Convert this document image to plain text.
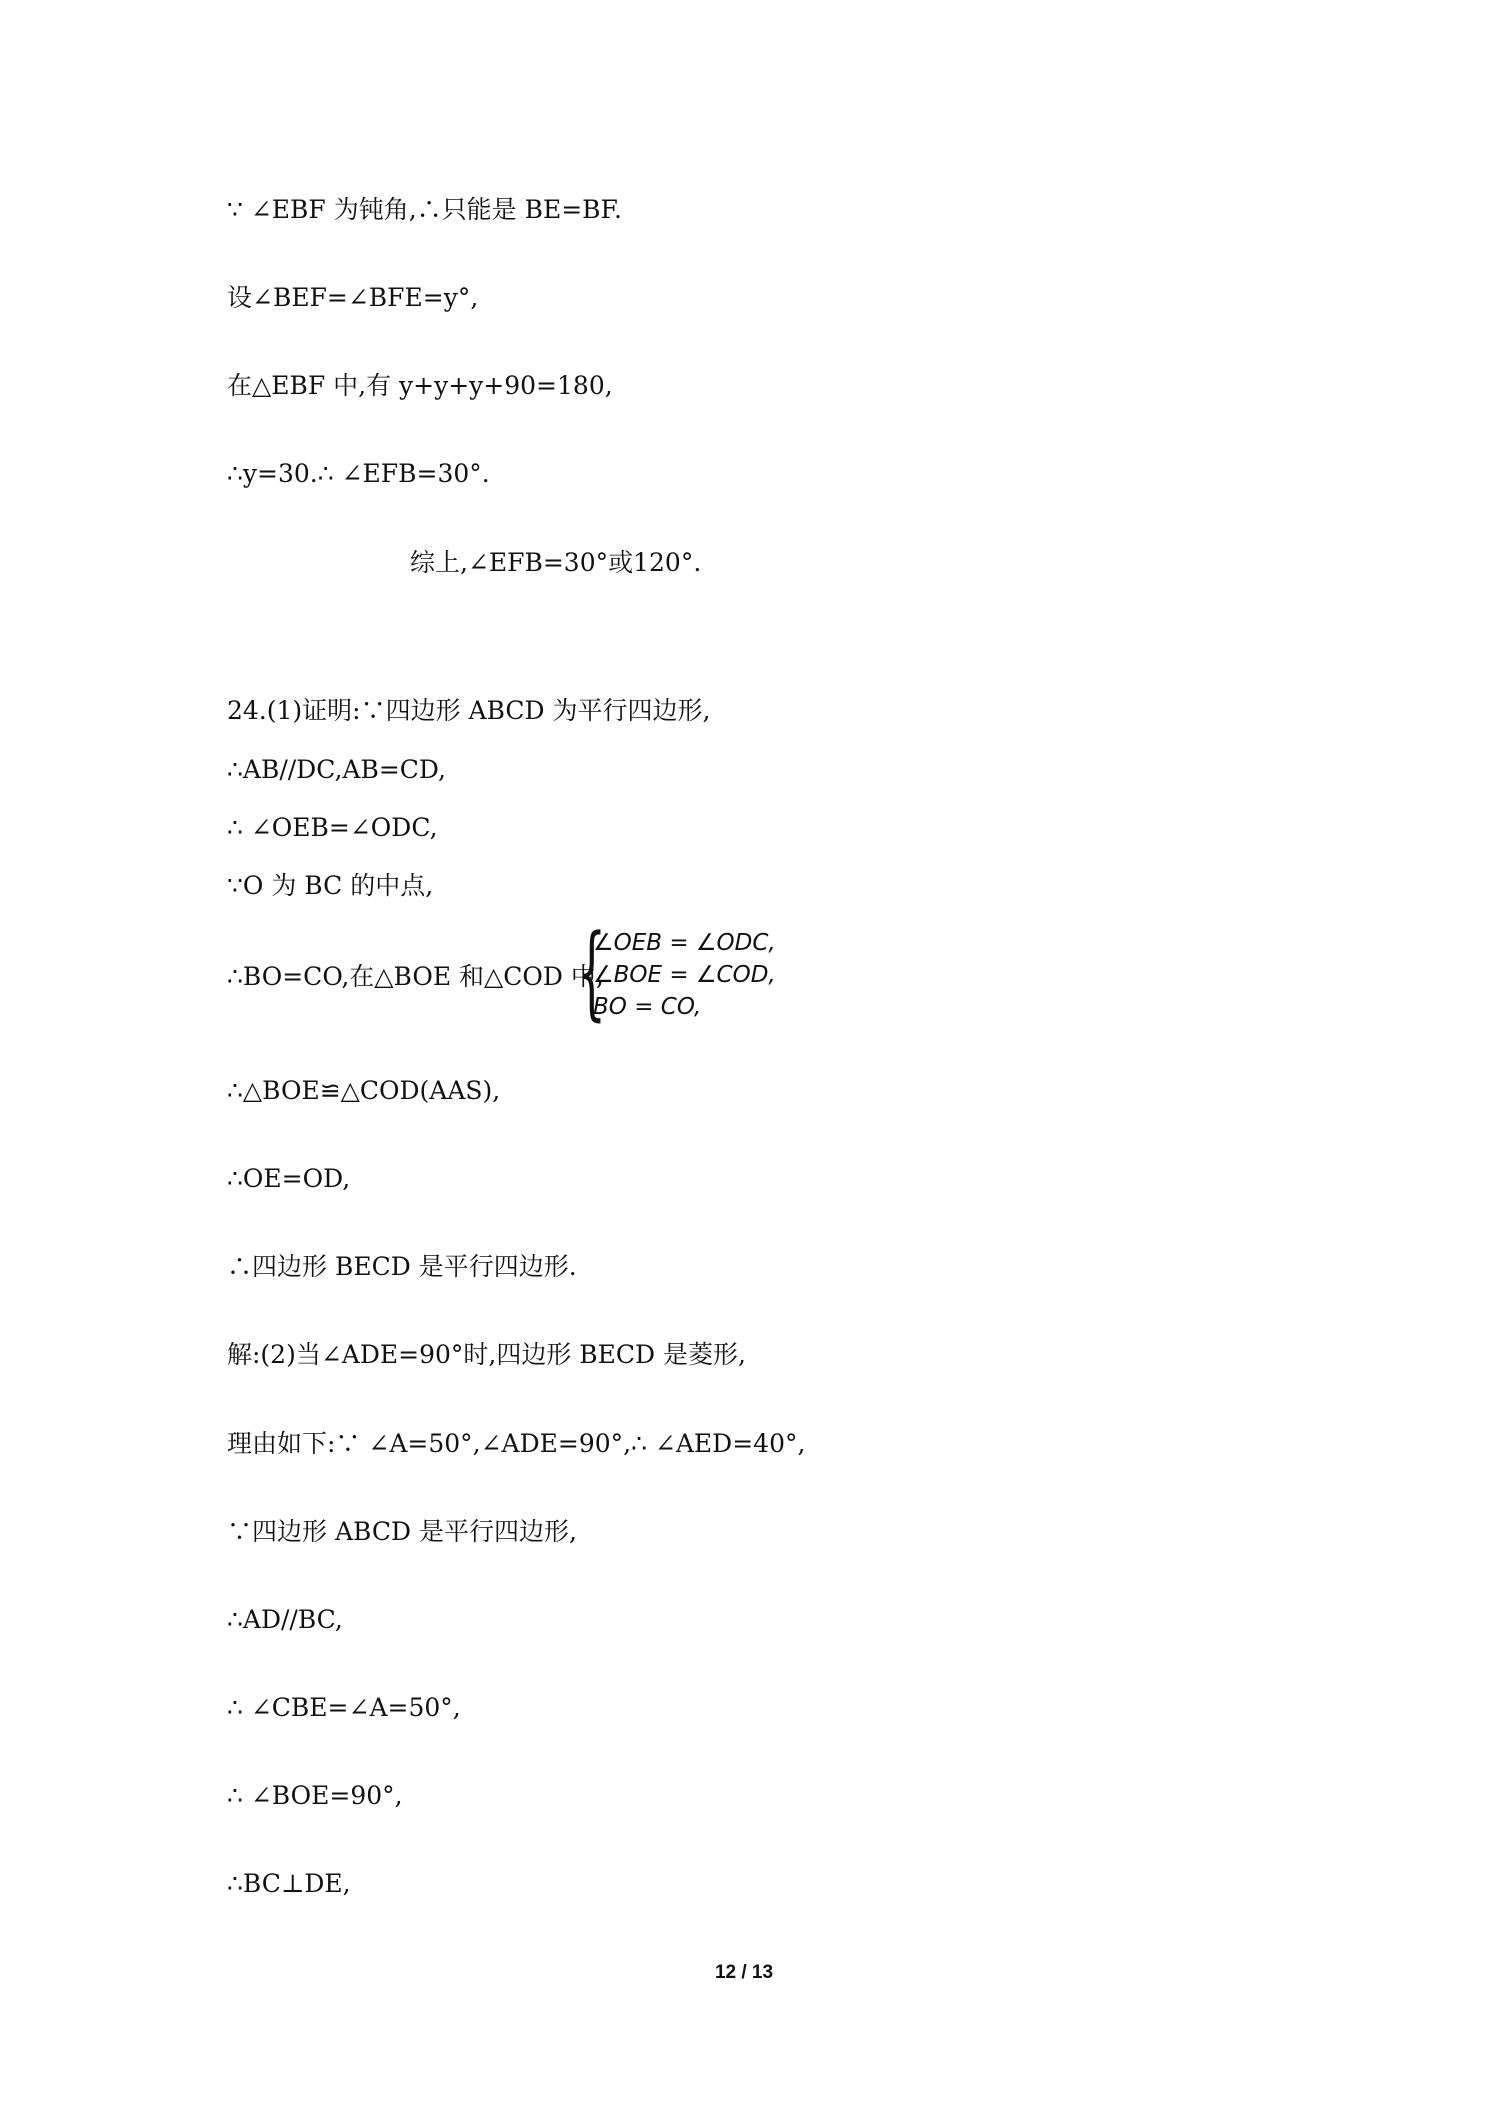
∵ ∠EBF 为钝角,∴只能是 BE=BF.
设∠BEF=∠BFE=y°,
在△EBF 中,有 y+y+y+90=180,
∴y=30.∴ ∠EFB=30°.
综上,∠EFB=30°或120°.
24.(1)证明:∵四边形 ABCD 为平行四边形,
∴AB//DC,AB=CD,
∴ ∠OEB=∠ODC,
∵O 为 BC 的中点,
∴BO=CO,在△BOE 和△COD 中,
{
∠OEB = ∠ODC,
∠BOE = ∠COD,
BO = CO,
∴△BOE≌△COD(AAS),
∴OE=OD,
∴四边形 BECD 是平行四边形.
解:(2)当∠ADE=90°时,四边形 BECD 是菱形,
理由如下:∵ ∠A=50°,∠ADE=90°,∴ ∠AED=40°,
∵四边形 ABCD 是平行四边形,
∴AD//BC,
∴ ∠CBE=∠A=50°,
∴ ∠BOE=90°,
∴BC⊥DE,
12 / 13
